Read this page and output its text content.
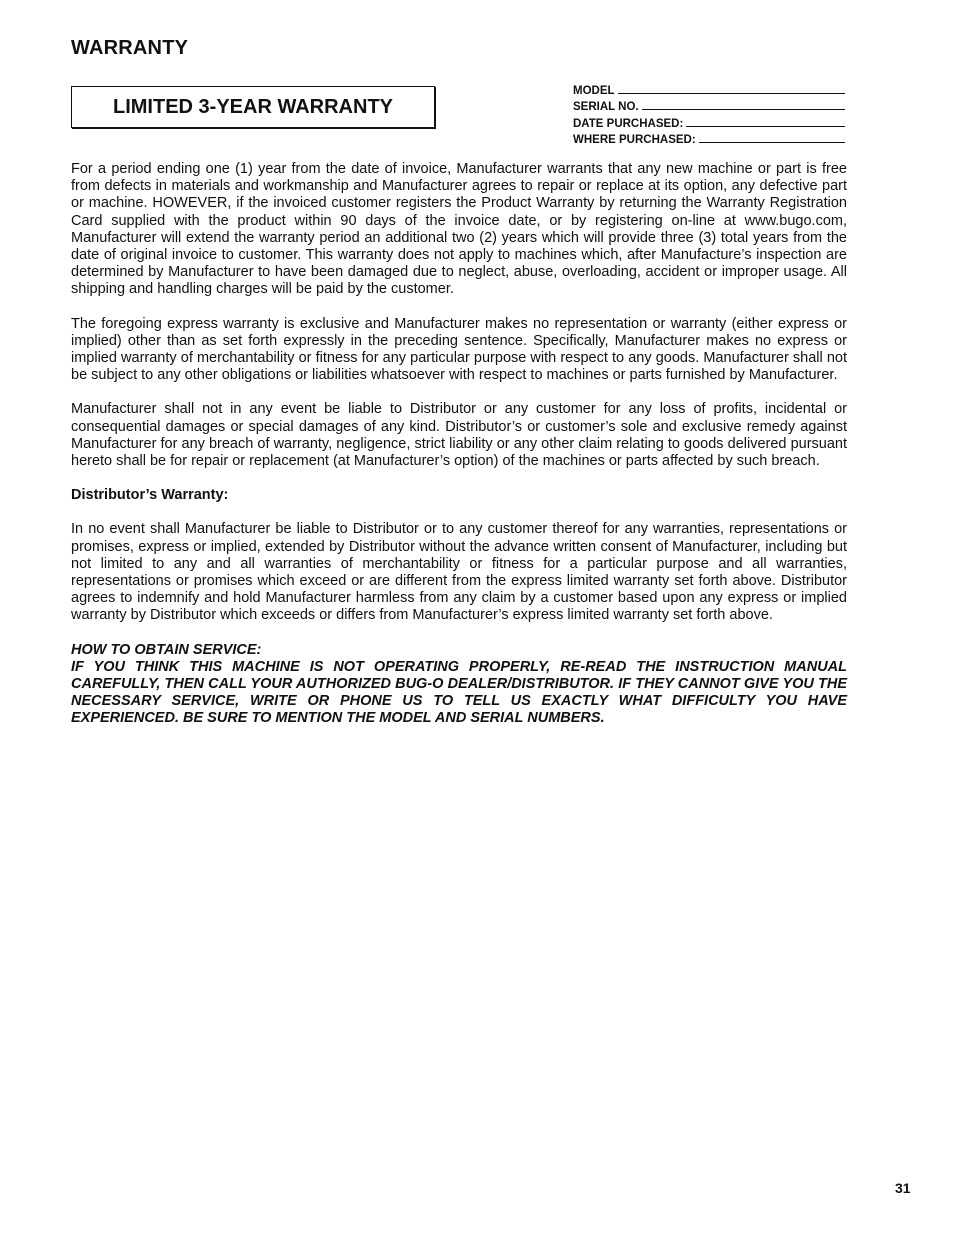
WARRANTY
LIMITED 3-YEAR WARRANTY
MODEL
SERIAL NO.
DATE PURCHASED:
WHERE PURCHASED:

For a period ending one (1) year from the date of invoice, Manufacturer warrants that any new machine or part is free from defects in materials and workmanship and Manufacturer agrees to repair or replace at its option, any defective part or machine. HOWEVER, if the invoiced customer registers the Product Warranty by returning the Warranty Registration Card supplied with the product within 90 days of the invoice date, or by registering on-line at www.bugo.com, Manufacturer will extend the warranty period an additional two (2) years which will provide three (3) total years from the date of original invoice to customer. This warranty does not apply to machines which, after Manufacture’s inspection are determined by Manufacturer to have been damaged due to neglect, abuse, overloading, accident or improper usage. All shipping and handling charges will be paid by the customer.

The foregoing express warranty is exclusive and Manufacturer makes no representation or warranty (either express or implied) other than as set forth expressly in the preceding sentence. Specifically, Manufacturer makes no express or implied warranty of merchantability or fitness for any particular purpose with respect to any goods. Manufacturer shall not be subject to any other obligations or liabilities whatsoever with respect to machines or parts furnished by Manufacturer.

Manufacturer shall not in any event be liable to Distributor or any customer for any loss of profits, incidental or consequential damages or special damages of any kind. Distributor’s or customer’s sole and exclusive remedy against Manufacturer for any breach of warranty, negligence, strict liability or any other claim relating to goods delivered pursuant hereto shall be for repair or replacement (at Manufacturer’s option) of the machines or parts affected by such breach.

Distributor’s Warranty:

In no event shall Manufacturer be liable to Distributor or to any customer thereof for any warranties, representations or promises, express or implied, extended by Distributor without the advance written consent of Manufacturer, including but not limited to any and all warranties of merchantability or fitness for a particular purpose and all warranties, representations or promises which exceed or are different from the express limited warranty set forth above. Distributor agrees to indemnify and hold Manufacturer harmless from any claim by a customer based upon any express or implied warranty by Distributor which exceeds or differs from Manufacturer’s express limited warranty set forth above.

HOW TO OBTAIN SERVICE:
IF YOU THINK THIS MACHINE IS NOT OPERATING PROPERLY, RE-READ THE INSTRUCTION MANUAL CAREFULLY, THEN CALL YOUR AUTHORIZED BUG-O DEALER/DISTRIBUTOR. IF THEY CANNOT GIVE YOU THE NECESSARY SERVICE, WRITE OR PHONE US TO TELL US EXACTLY WHAT DIFFICULTY YOU HAVE EXPERIENCED. BE SURE TO MENTION THE MODEL AND SERIAL NUMBERS.

31
